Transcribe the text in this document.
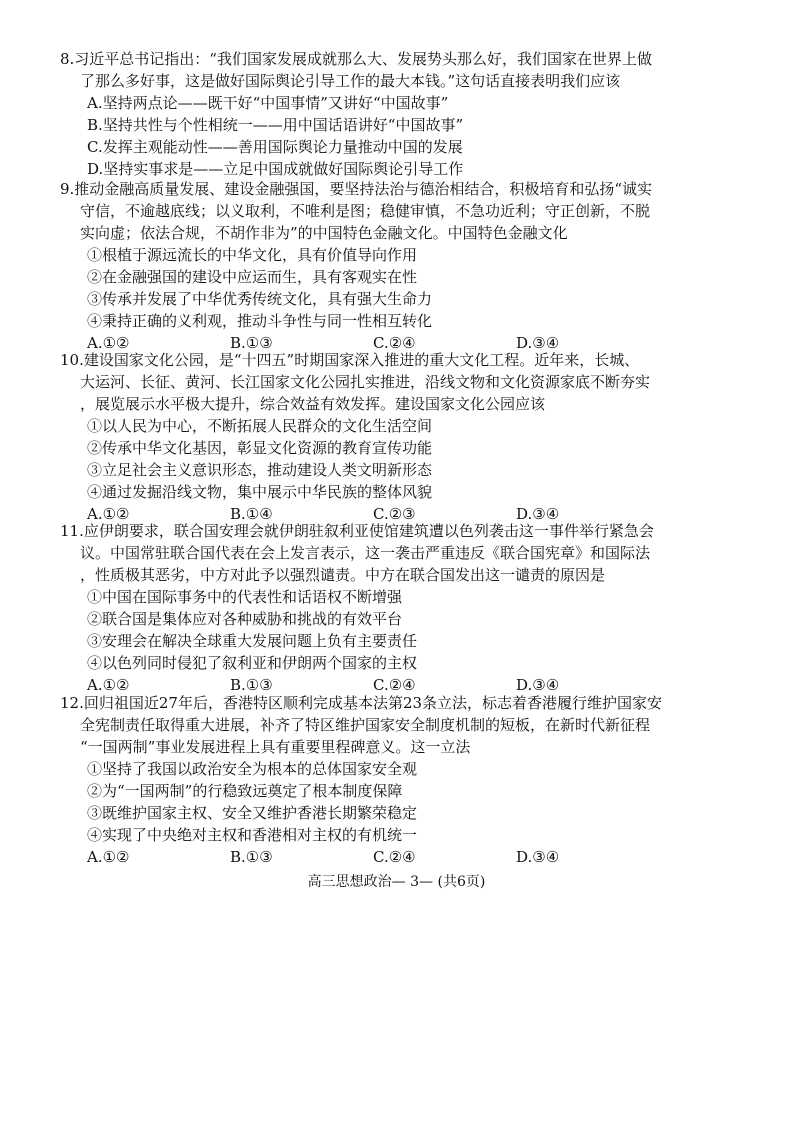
8.习近平总书记指出：“我们国家发展成就那么大、发展势头那么好，我们国家在世界上做
了那么多好事，这是做好国际舆论引导工作的最大本钱。”这句话直接表明我们应该
A.坚持两点论——既干好“中国事情”又讲好“中国故事”
B.坚持共性与个性相统一——用中国话语讲好“中国故事”
C.发挥主观能动性——善用国际舆论力量推动中国的发展
D.坚持实事求是——立足中国成就做好国际舆论引导工作
9.推动金融高质量发展、建设金融强国，要坚持法治与德治相结合，积极培育和弘扬“诚实
守信，不逾越底线；以义取利，不唯利是图；稳健审慎，不急功近利；守正创新，不脱
实向虚；依法合规，不胡作非为”的中国特色金融文化。中国特色金融文化
①根植于源远流长的中华文化，具有价值导向作用
②在金融强国的建设中应运而生，具有客观实在性
③传承并发展了中华优秀传统文化，具有强大生命力
④秉持正确的义利观，推动斗争性与同一性相互转化
A.①②	B.①③	C.②④	D.③④
10.建设国家文化公园，是“十四五”时期国家深入推进的重大文化工程。近年来，长城、
大运河、长征、黄河、长江国家文化公园扎实推进，沿线文物和文化资源家底不断夯实
，展览展示水平极大提升，综合效益有效发挥。建设国家文化公园应该
①以人民为中心，不断拓展人民群众的文化生活空间
②传承中华文化基因，彰显文化资源的教育宣传功能
③立足社会主义意识形态，推动建设人类文明新形态
④通过发掘沿线文物，集中展示中华民族的整体风貌
A.①②	B.①④	C.②③	D.③④
11.应伊朗要求，联合国安理会就伊朗驻叙利亚使馆建筑遭以色列袭击这一事件举行紧急会
议。中国常驻联合国代表在会上发言表示，这一袭击严重违反《联合国宪章》和国际法
，性质极其恶劣，中方对此予以强烈谴责。中方在联合国发出这一谴责的原因是
①中国在国际事务中的代表性和话语权不断增强
②联合国是集体应对各种威胁和挑战的有效平台
③安理会在解决全球重大发展问题上负有主要责任
④以色列同时侵犯了叙利亚和伊朗两个国家的主权
A.①②	B.①③	C.②④	D.③④
12.回归祖国近27年后，香港特区顺利完成基本法第23条立法，标志着香港履行维护国家安
全宪制责任取得重大进展，补齐了特区维护国家安全制度机制的短板，在新时代新征程
“一国两制”事业发展进程上具有重要里程碑意义。这一立法
①坚持了我国以政治安全为根本的总体国家安全观
②为“一国两制”的行稳致远奠定了根本制度保障
③既维护国家主权、安全又维护香港长期繁荣稳定
④实现了中央绝对主权和香港相对主权的有机统一
A.①②	B.①③	C.②④	D.③④
高三思想政治— 3— (共6页)
